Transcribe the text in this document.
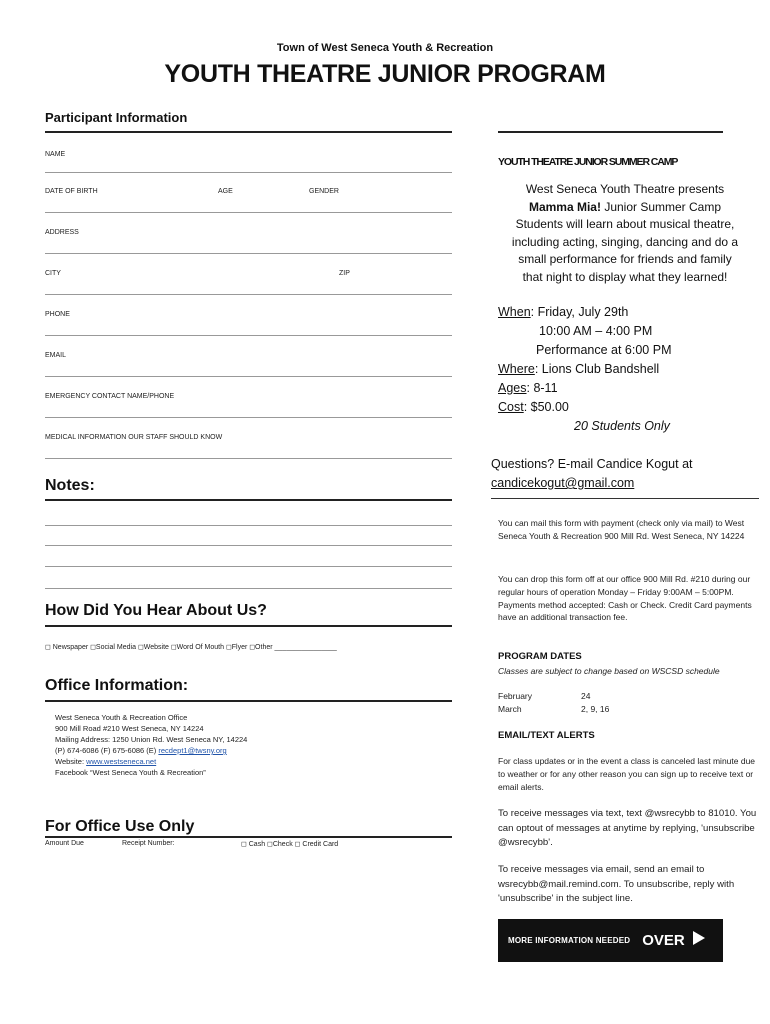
Town of West Seneca Youth & Recreation
YOUTH THEATRE JUNIOR PROGRAM
Participant Information
NAME
DATE OF BIRTH	AGE	GENDER
ADDRESS
CITY	ZIP
PHONE
EMAIL
EMERGENCY CONTACT NAME/PHONE
MEDICAL INFORMATION OUR STAFF SHOULD KNOW
Notes:
How Did You Hear About Us?
◻ Newspaper ◻Social Media ◻Website ◻Word Of Mouth ◻Flyer ◻Other ________________
Office Information:
West Seneca Youth & Recreation Office
900 Mill Road #210 West Seneca, NY 14224
Mailing Address: 1250 Union Rd. West Seneca NY, 14224
(P) 674-6086 (F) 675-6086 (E) recdept1@twsny.org
Website: www.westseneca.net
Facebook “West Seneca Youth & Recreation”
For Office Use Only
Amount Due	Receipt Number:	◻ Cash ◻Check ◻ Credit Card
YOUTH THEATRE JUNIOR SUMMER CAMP
West Seneca Youth Theatre presents
Mamma Mia! Junior Summer Camp
Students will learn about musical theatre,
including acting, singing, dancing and do a
small performance for friends and family
that night to display what they learned!
When: Friday, July 29th
10:00 AM – 4:00 PM
Performance at 6:00 PM
Where: Lions Club Bandshell
Ages: 8-11
Cost: $50.00
20 Students Only
Questions? E-mail Candice Kogut at
candicekogut@gmail.com
You can mail this form with payment (check only via mail) to West Seneca Youth & Recreation 900 Mill Rd. West Seneca, NY 14224
You can drop this form off at our office 900 Mill Rd. #210 during our regular hours of operation Monday – Friday 9:00AM – 5:00PM. Payments method accepted: Cash or Check. Credit Card payments have an additional transaction fee.
PROGRAM DATES
Classes are subject to change based on WSCSD schedule
February	24
March	2, 9, 16
EMAIL/TEXT ALERTS
For class updates or in the event a class is canceled last minute due to weather or for any other reason you can sign up to receive text or email alerts.
To receive messages via text, text @wsrecybb to 81010. You can optout of messages at anytime by replying, 'unsubscribe @wsrecybb'.
To receive messages via email, send an email to wsrecybb@mail.remind.com. To unsubscribe, reply with 'unsubscribe' in the subject line.
MORE INFORMATION NEEDED OVER
